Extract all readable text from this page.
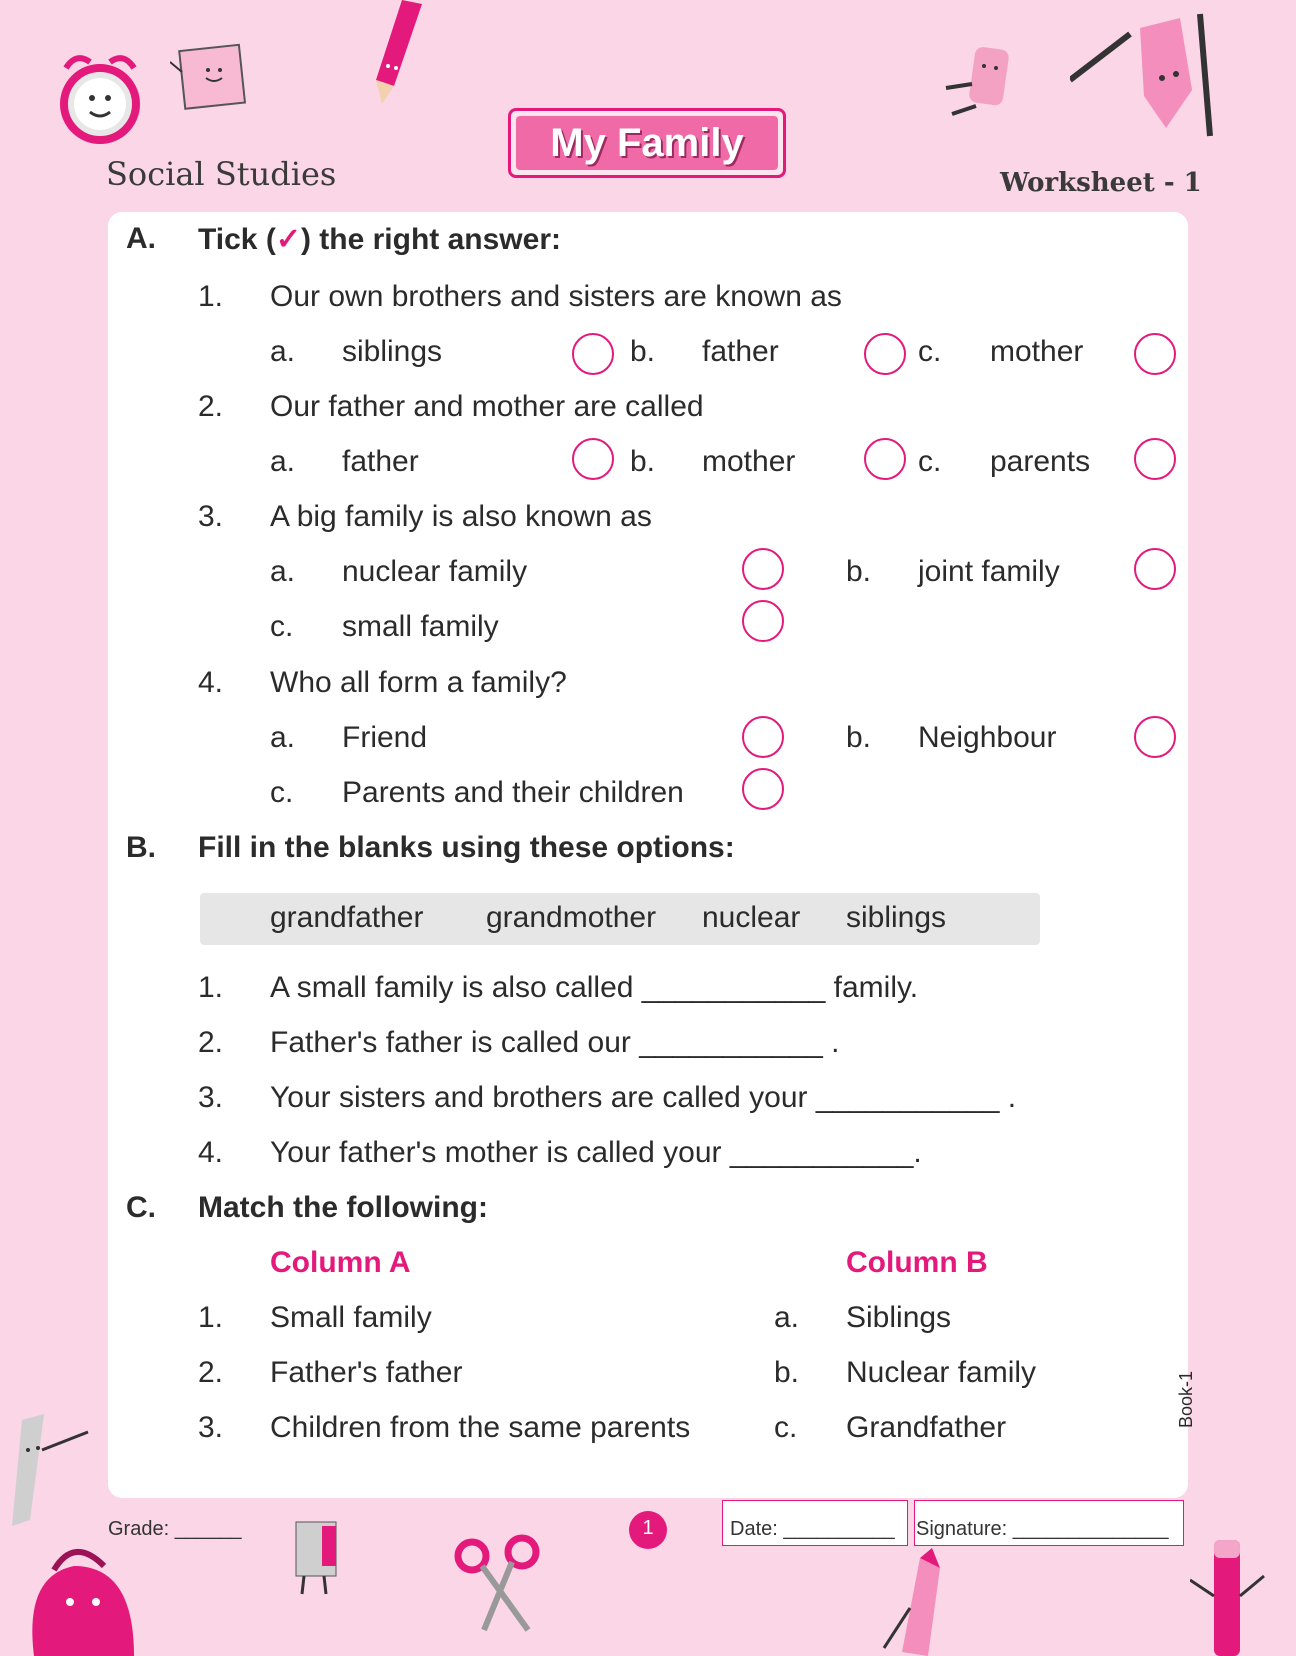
Social Studies
My Family
Worksheet - 1
A. Tick (✓) the right answer:
1. Our own brothers and sisters are known as
a. siblings	b. father	c. mother
2. Our father and mother are called
a. father	b. mother	c. parents
3. A big family is also known as
a. nuclear family	b. joint family
c. small family
4. Who all form a family?
a. Friend	b. Neighbour
c. Parents and their children
B. Fill in the blanks using these options:
grandfather grandmother nuclear siblings
1. A small family is also called ___________ family.
2. Father's father is called our ___________ .
3. Your sisters and brothers are called your ___________ .
4. Your father's mother is called your ___________.
C. Match the following:
Column A	Column B
1. Small family	a. Siblings
2. Father's father	b. Nuclear family
3. Children from the same parents	c. Grandfather
Grade: ______	1	Date: __________ Signature: ______________
Book-1
